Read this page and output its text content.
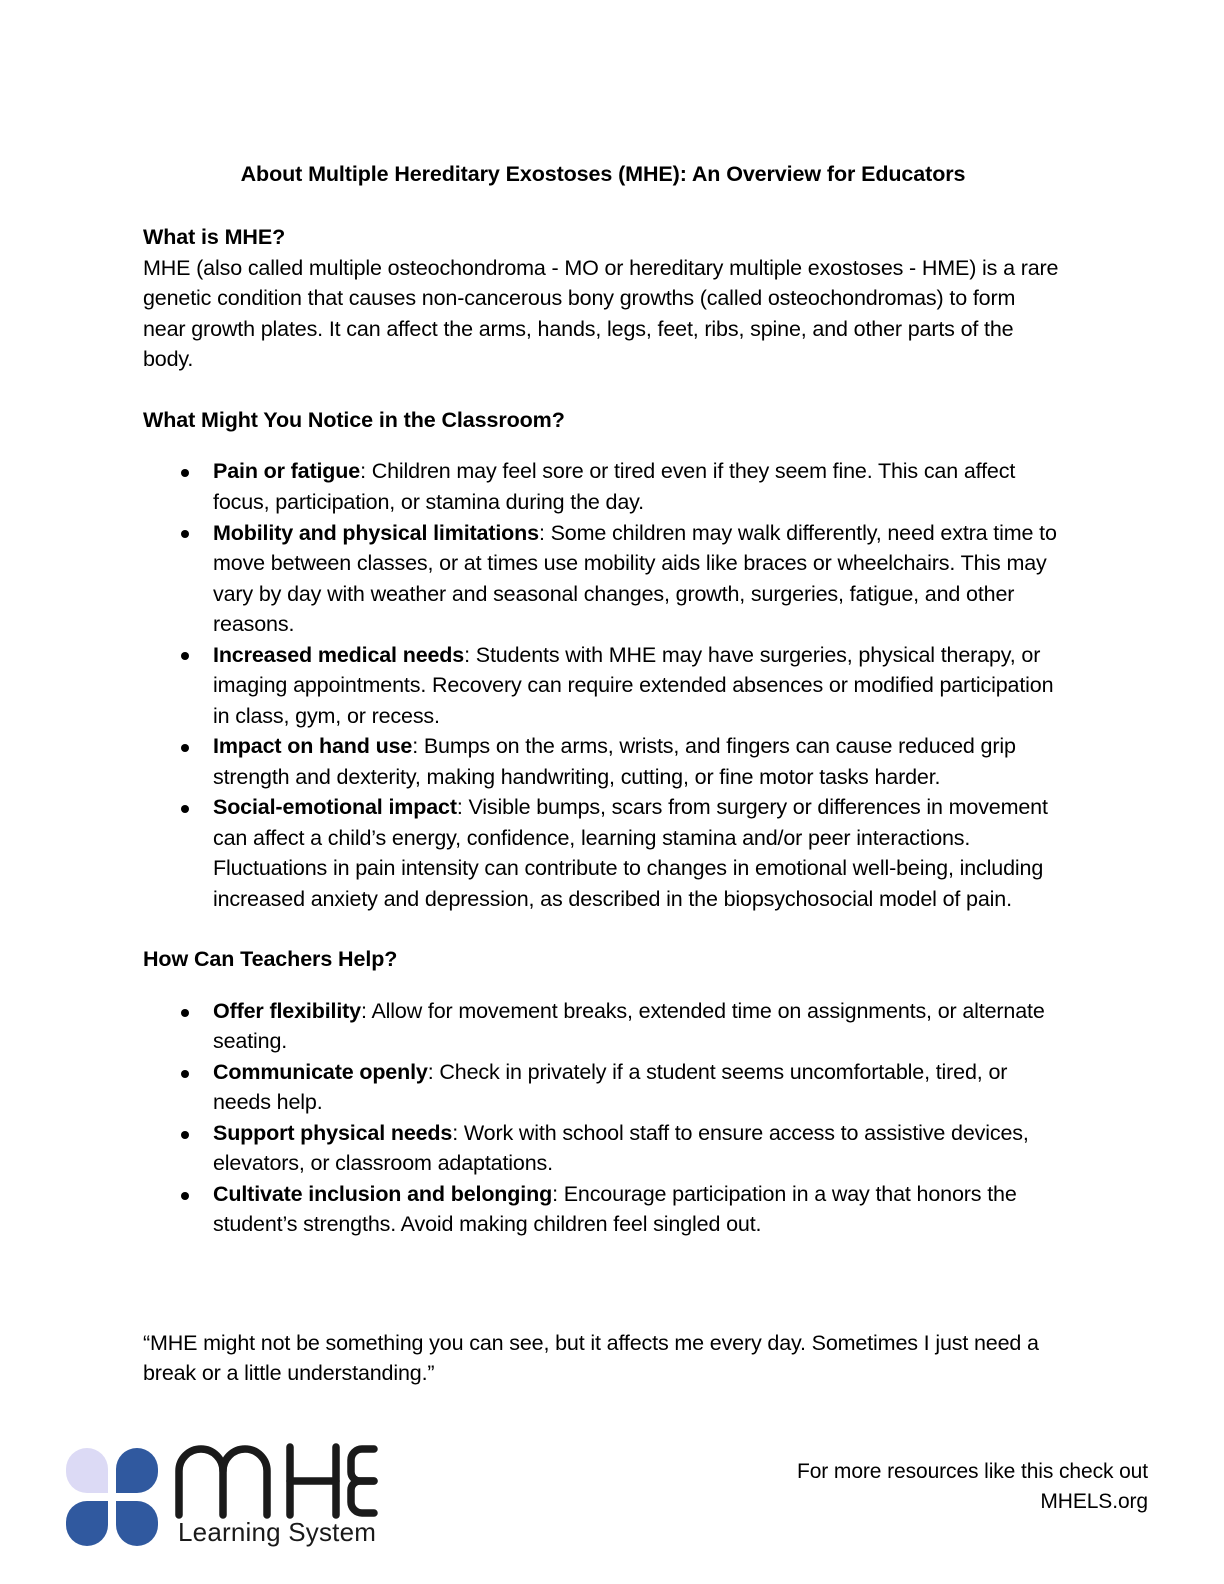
About Multiple Hereditary Exostoses (MHE): An Overview for Educators
What is MHE?

MHE (also called multiple osteochondroma - MO or hereditary multiple exostoses - HME) is a rare genetic condition that causes non-cancerous bony growths (called osteochondromas) to form near growth plates. It can affect the arms, hands, legs, feet, ribs, spine, and other parts of the body.

What Might You Notice in the Classroom?
Pain or fatigue: Children may feel sore or tired even if they seem fine. This can affect focus, participation, or stamina during the day.
Mobility and physical limitations: Some children may walk differently, need extra time to move between classes, or at times use mobility aids like braces or wheelchairs. This may vary by day with weather and seasonal changes, growth, surgeries, fatigue, and other reasons.
Increased medical needs: Students with MHE may have surgeries, physical therapy, or imaging appointments. Recovery can require extended absences or modified participation in class, gym, or recess.
Impact on hand use: Bumps on the arms, wrists, and fingers can cause reduced grip strength and dexterity, making handwriting, cutting, or fine motor tasks harder.
Social-emotional impact: Visible bumps, scars from surgery or differences in movement can affect a child’s energy, confidence, learning stamina and/or peer interactions. Fluctuations in pain intensity can contribute to changes in emotional well-being, including increased anxiety and depression, as described in the biopsychosocial model of pain.
How Can Teachers Help?
Offer flexibility: Allow for movement breaks, extended time on assignments, or alternate seating.
Communicate openly: Check in privately if a student seems uncomfortable, tired, or needs help.
Support physical needs: Work with school staff to ensure access to assistive devices, elevators, or classroom adaptations.
Cultivate inclusion and belonging: Encourage participation in a way that honors the student’s strengths. Avoid making children feel singled out.

“MHE might not be something you can see, but it affects me every day. Sometimes I just need a break or a little understanding.”

Learning System
For more resources like this check out
MHELS.org
